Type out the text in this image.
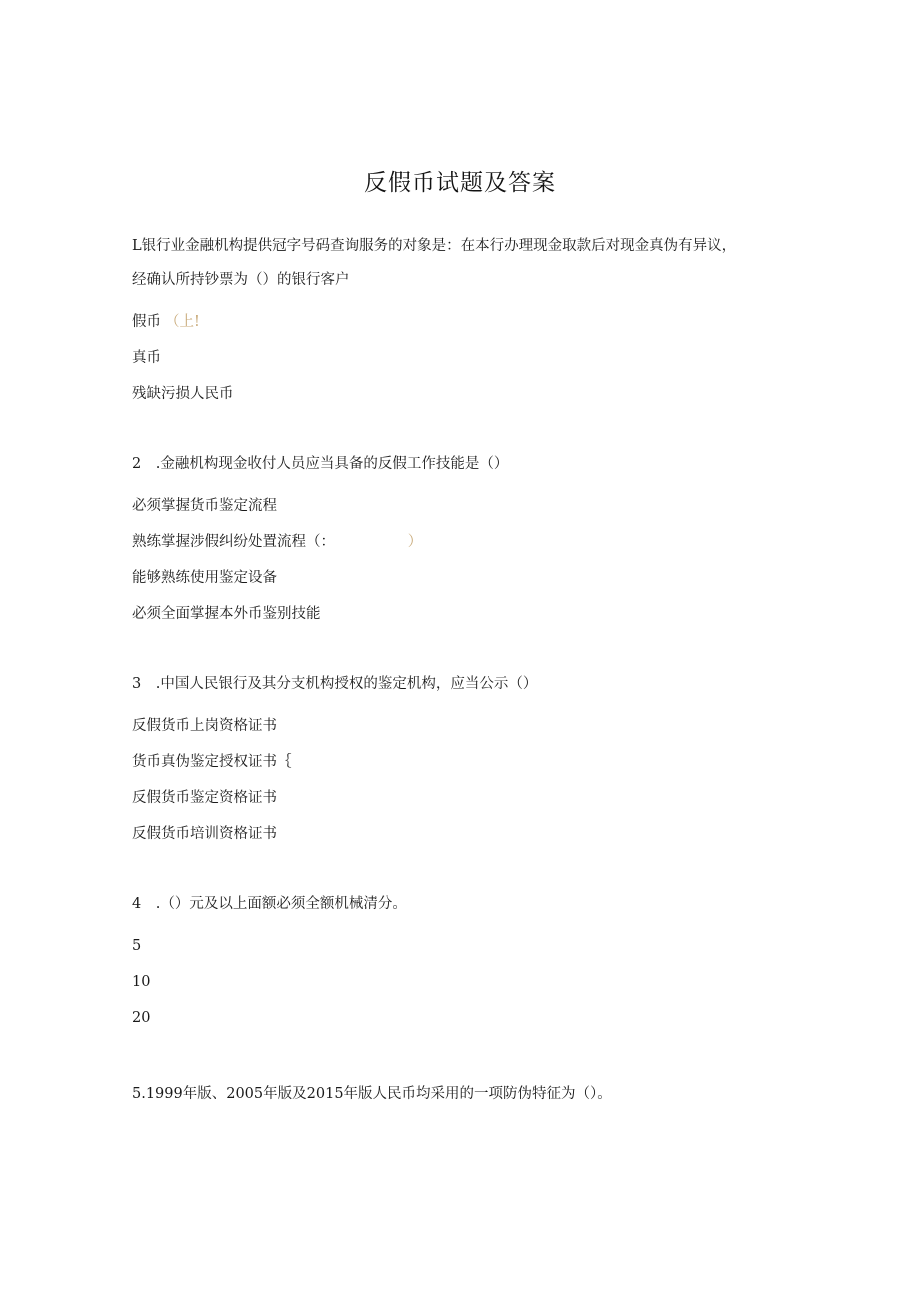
反假币试题及答案
L银行业金融机构提供冠字号码查询服务的对象是：在本行办理现金取款后对现金真伪有异议，
经确认所持钞票为（）的银行客户
假币 （上!
真币
残缺污损人民币
2　.金融机构现金收付人员应当具备的反假工作技能是（）
必须掌握货币鉴定流程
熟练掌握涉假纠纷处置流程（：	）
能够熟练使用鉴定设备
必须全面掌握本外币鉴别技能
3　.中国人民银行及其分支机构授权的鉴定机构，应当公示（）
反假货币上岗资格证书
货币真伪鉴定授权证书｛
反假货币鉴定资格证书
反假货币培训资格证书
4　.（）元及以上面额必须全额机械清分。
5
10
20
5.1999年版、2005年版及2015年版人民币均采用的一项防伪特征为（）。
